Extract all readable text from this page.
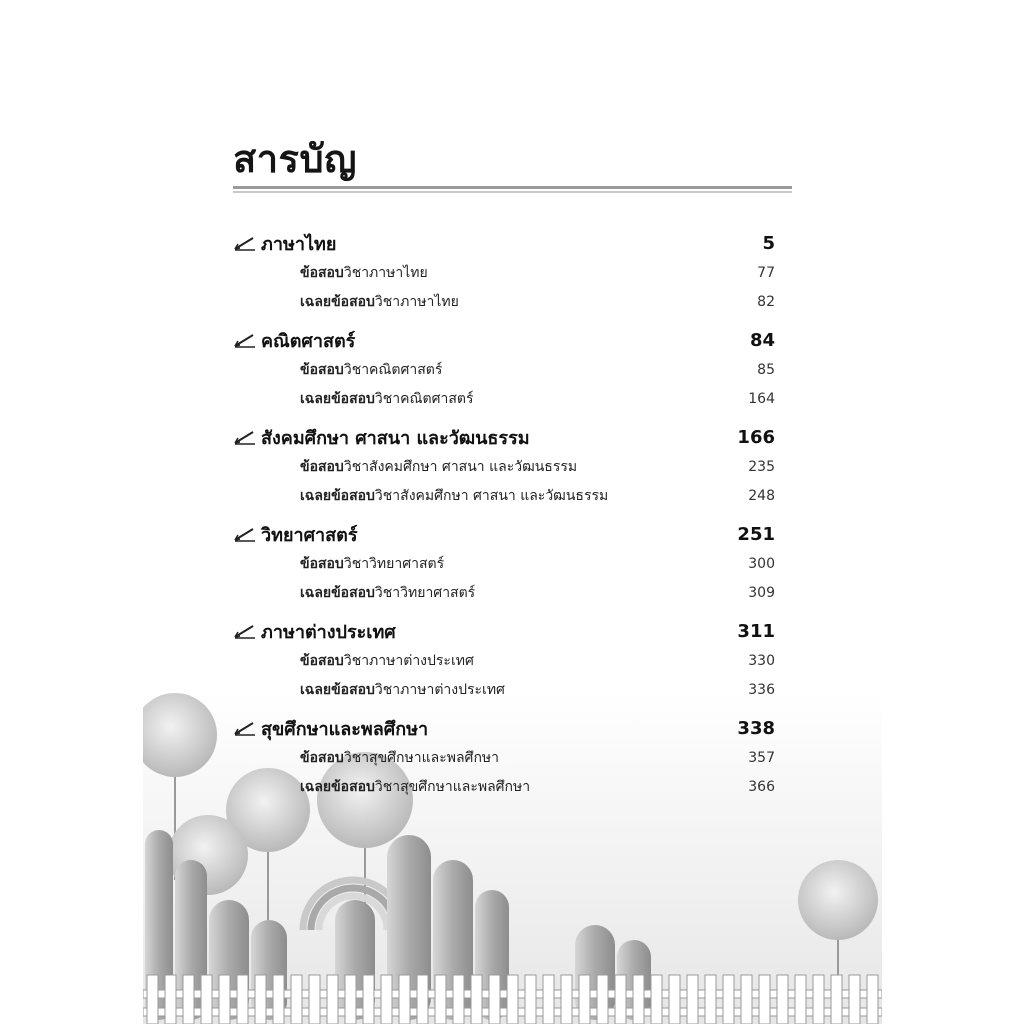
สารบัญ
ภาษาไทย	5
ข้อสอบวิชาภาษาไทย	77
เฉลยข้อสอบวิชาภาษาไทย	82
คณิตศาสตร์	84
ข้อสอบวิชาคณิตศาสตร์	85
เฉลยข้อสอบวิชาคณิตศาสตร์	164
สังคมศึกษา ศาสนา และวัฒนธรรม	166
ข้อสอบวิชาสังคมศึกษา ศาสนา และวัฒนธรรม	235
เฉลยข้อสอบวิชาสังคมศึกษา ศาสนา และวัฒนธรรม	248
วิทยาศาสตร์	251
ข้อสอบวิชาวิทยาศาสตร์	300
เฉลยข้อสอบวิชาวิทยาศาสตร์	309
ภาษาต่างประเทศ	311
ข้อสอบวิชาภาษาต่างประเทศ	330
เฉลยข้อสอบวิชาภาษาต่างประเทศ	336
สุขศึกษาและพลศึกษา	338
ข้อสอบวิชาสุขศึกษาและพลศึกษา	357
เฉลยข้อสอบวิชาสุขศึกษาและพลศึกษา	366
